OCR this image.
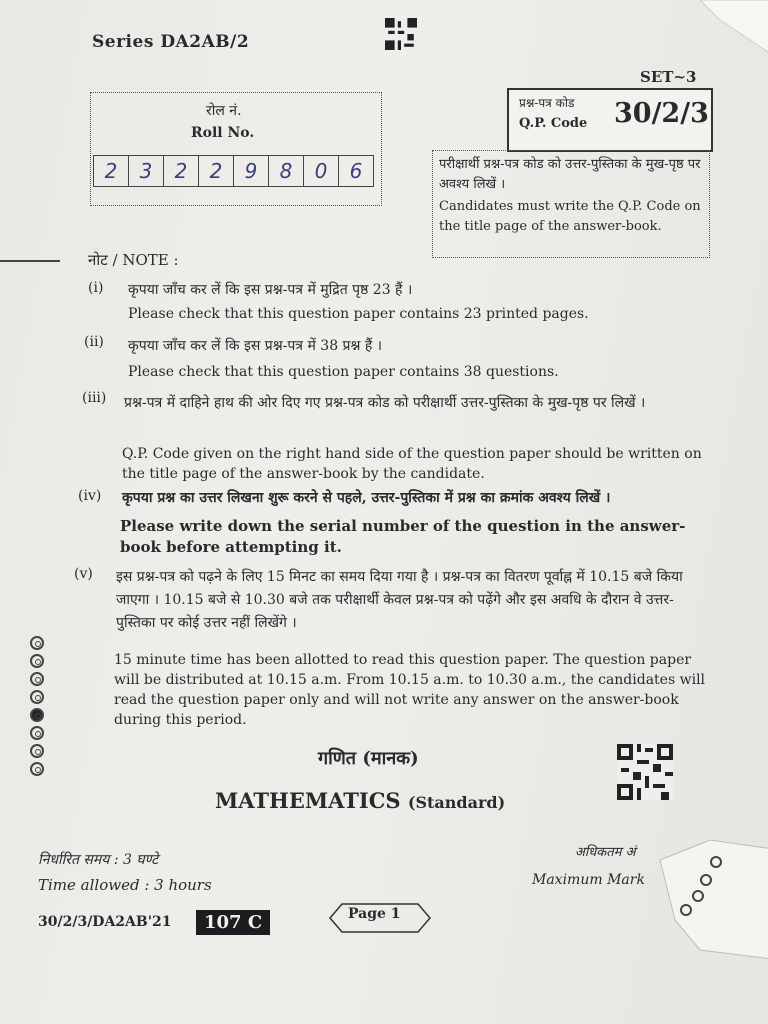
Series DA2AB/2
SET~3
प्रश्न-पत्र कोड
Q.P. Code 30/2/3
रोल नं.
Roll No.
2	3	2	2	9	8	0	6	परीक्षार्थी प्रश्न-पत्र कोड को उत्तर-पुस्तिका के मुख-पृष्ठ पर अवश्य लिखें ।
Candidates must write the Q.P. Code on the title page of the answer-book.
नोट / NOTE :
(i) कृपया जाँच कर लें कि इस प्रश्न-पत्र में मुद्रित पृष्ठ 23 हैं ।
Please check that this question paper contains 23 printed pages.
(ii) कृपया जाँच कर लें कि इस प्रश्न-पत्र में 38 प्रश्न हैं ।
Please check that this question paper contains 38 questions.
(iii) प्रश्न-पत्र में दाहिने हाथ की ओर दिए गए प्रश्न-पत्र कोड को परीक्षार्थी उत्तर-पुस्तिका के मुख-पृष्ठ पर लिखें ।
Q.P. Code given on the right hand side of the question paper should be written on the title page of the answer-book by the candidate.
(iv) कृपया प्रश्न का उत्तर लिखना शुरू करने से पहले, उत्तर-पुस्तिका में प्रश्न का क्रमांक अवश्य लिखें ।
Please write down the serial number of the question in the answer-book before attempting it.
(v) इस प्रश्न-पत्र को पढ़ने के लिए 15 मिनट का समय दिया गया है । प्रश्न-पत्र का वितरण पूर्वाह्न में 10.15 बजे किया जाएगा । 10.15 बजे से 10.30 बजे तक परीक्षार्थी केवल प्रश्न-पत्र को पढ़ेंगे और इस अवधि के दौरान वे उत्तर-पुस्तिका पर कोई उत्तर नहीं लिखेंगे ।
15 minute time has been allotted to read this question paper. The question paper will be distributed at 10.15 a.m. From 10.15 a.m. to 10.30 a.m., the candidates will read the question paper only and will not write any answer on the answer-book during this period.
गणित (मानक)
MATHEMATICS (Standard)
निर्धारित समय : 3 घण्टे
Time allowed : 3 hours
अधिकतम अं
Maximum Mark
30/2/3/DA2AB'21	107 C	Page 1
